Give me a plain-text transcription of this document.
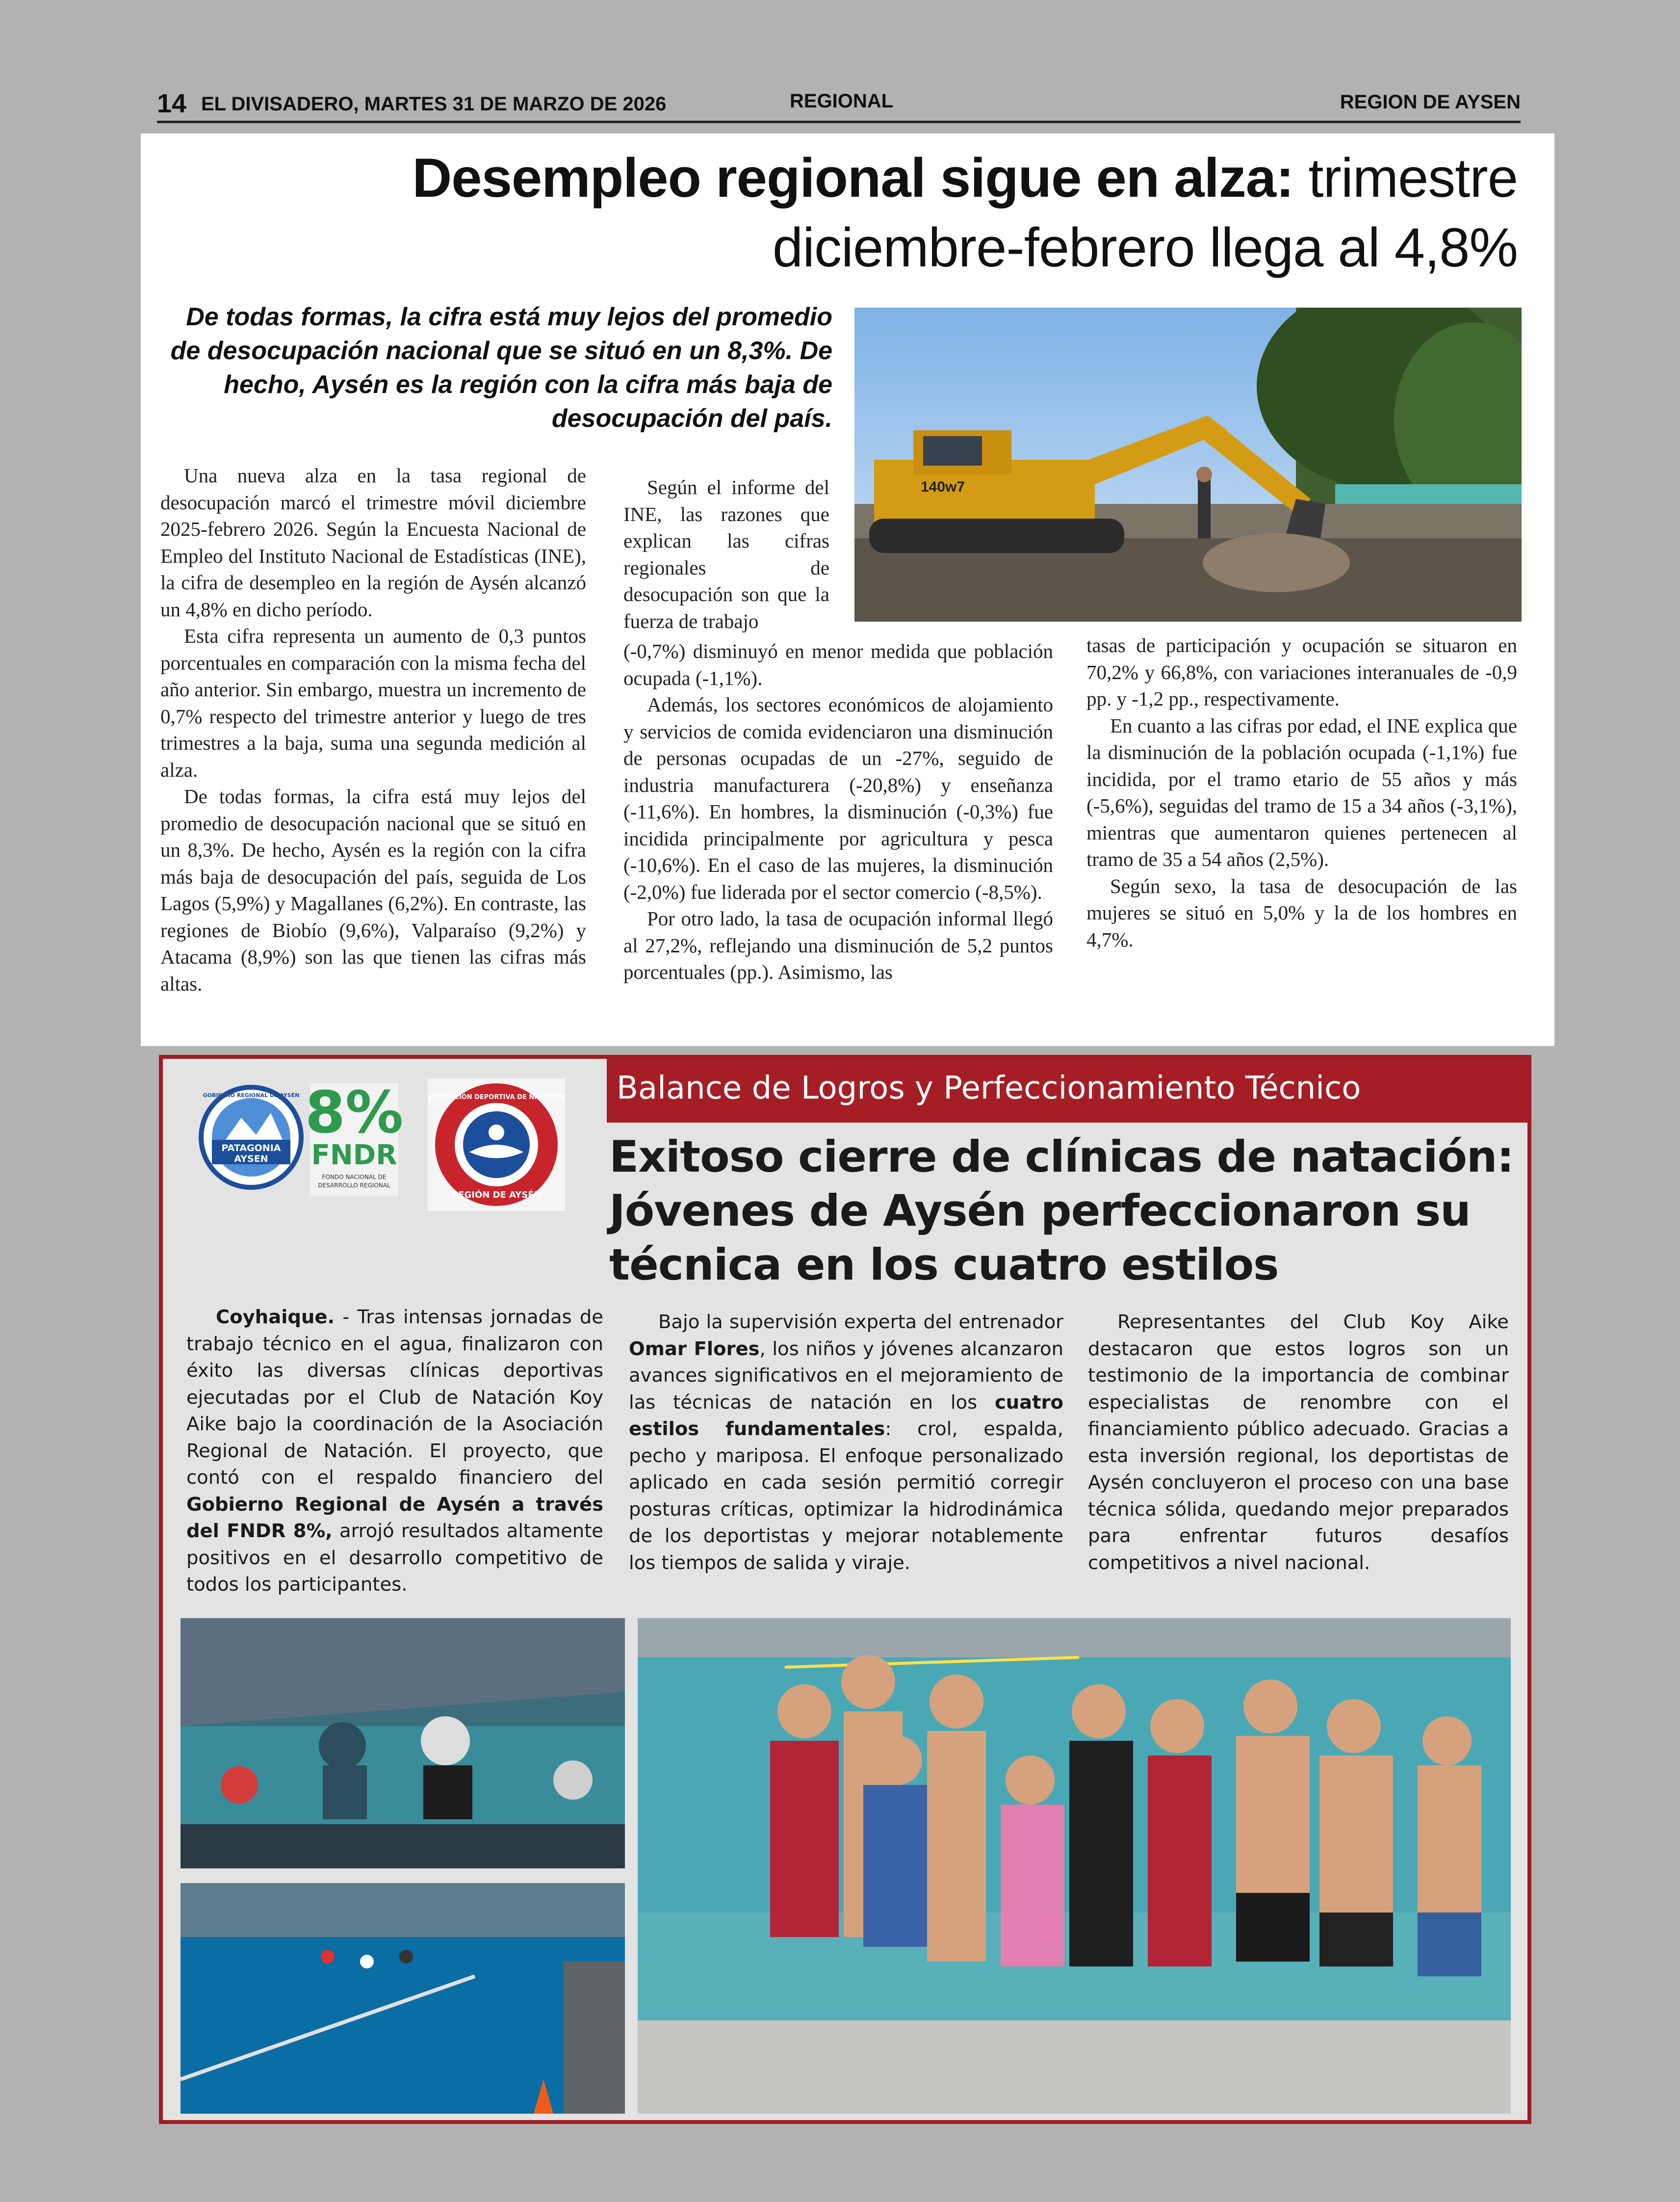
14 EL DIVISADERO, MARTES 31 DE MARZO DE 2026	REGIONAL	REGION DE AYSEN
Desempleo regional sigue en alza: trimestre
diciembre-febrero llega al 4,8%
De todas formas, la cifra está muy lejos del promedio de desocupación nacional que se situó en un 8,3%. De hecho, Aysén es la región con la cifra más baja de desocupación del país.
140w7

Una nueva alza en la tasa regional de desocupación marcó el trimestre móvil diciembre 2025-febrero 2026. Según la Encuesta Nacional de Empleo del Instituto Nacional de Estadísticas (INE), la cifra de desempleo en la región de Aysén alcanzó un 4,8% en dicho período.

Esta cifra representa un aumento de 0,3 puntos porcentuales en comparación con la misma fecha del año anterior. Sin embargo, muestra un incremento de 0,7% respecto del trimestre anterior y luego de tres trimestres a la baja, suma una segunda medición al alza.

De todas formas, la cifra está muy lejos del promedio de desocupación nacional que se situó en un 8,3%. De hecho, Aysén es la región con la cifra más baja de desocupación del país, seguida de Los Lagos (5,9%) y Magallanes (6,2%). En contraste, las regiones de Biobío (9,6%), Valparaíso (9,2%) y Atacama (8,9%) son las que tienen las cifras más altas.

Según el informe del INE, las razones que explican las cifras regionales de desocupación son que la fuerza de trabajo

(-0,7%) disminuyó en menor medida que población ocupada (-1,1%).

Además, los sectores económicos de alojamiento y servicios de comida evidenciaron una disminución de personas ocupadas de un -27%, seguido de industria manufacturera (-20,8%) y enseñanza (-11,6%). En hombres, la disminución (-0,3%) fue incidida principalmente por agricultura y pesca (-10,6%). En el caso de las mujeres, la disminución (-2,0%) fue liderada por el sector comercio (-8,5%).

Por otro lado, la tasa de ocupación informal llegó al 27,2%, reflejando una disminución de 5,2 puntos porcentuales (pp.). Asimismo, las

tasas de participación y ocupación se situaron en 70,2% y 66,8%, con variaciones interanuales de -0,9 pp. y -1,2 pp., respectivamente.

En cuanto a las cifras por edad, el INE explica que la disminución de la población ocupada (-1,1%) fue incidida, por el tramo etario de 55 años y más (-5,6%), seguidas del tramo de 15 a 34 años (-3,1%), mientras que aumentaron quienes pertenecen al tramo de 35 a 54 años (2,5%).

Según sexo, la tasa de desocupación de las mujeres se situó en 5,0% y la de los hombres en 4,7%.

Balance de Logros y Perfeccionamiento Técnico
Exitoso cierre de clínicas de natación: Jóvenes de Aysén perfeccionaron su técnica en los cuatro estilos
PATAGONIA
AYSEN
GOBIERNO REGIONAL DE AYSÉN 8%
FNDR
FONDO NACIONAL DE
DESARROLLO REGIONAL
ASOCIACIÓN DEPORTIVA DE NATACIÓN
REGIÓN DE AYSÉN

Coyhaique. - Tras intensas jornadas de trabajo técnico en el agua, finalizaron con éxito las diversas clínicas deportivas ejecutadas por el Club de Natación Koy Aike bajo la coordinación de la Asociación Regional de Natación. El proyecto, que contó con el respaldo financiero del Gobierno Regional de Aysén a través del FNDR 8%, arrojó resultados altamente positivos en el desarrollo competitivo de todos los participantes.

Bajo la supervisión experta del entrenador Omar Flores, los niños y jóvenes alcanzaron avances significativos en el mejoramiento de las técnicas de natación en los cuatro estilos fundamentales: crol, espalda, pecho y mariposa. El enfoque personalizado aplicado en cada sesión permitió corregir posturas críticas, optimizar la hidrodinámica de los deportistas y mejorar notablemente los tiempos de salida y viraje.

Representantes del Club Koy Aike destacaron que estos logros son un testimonio de la importancia de combinar especialistas de renombre con el financiamiento público adecuado. Gracias a esta inversión regional, los deportistas de Aysén concluyeron el proceso con una base técnica sólida, quedando mejor preparados para enfrentar futuros desafíos competitivos a nivel nacional.
